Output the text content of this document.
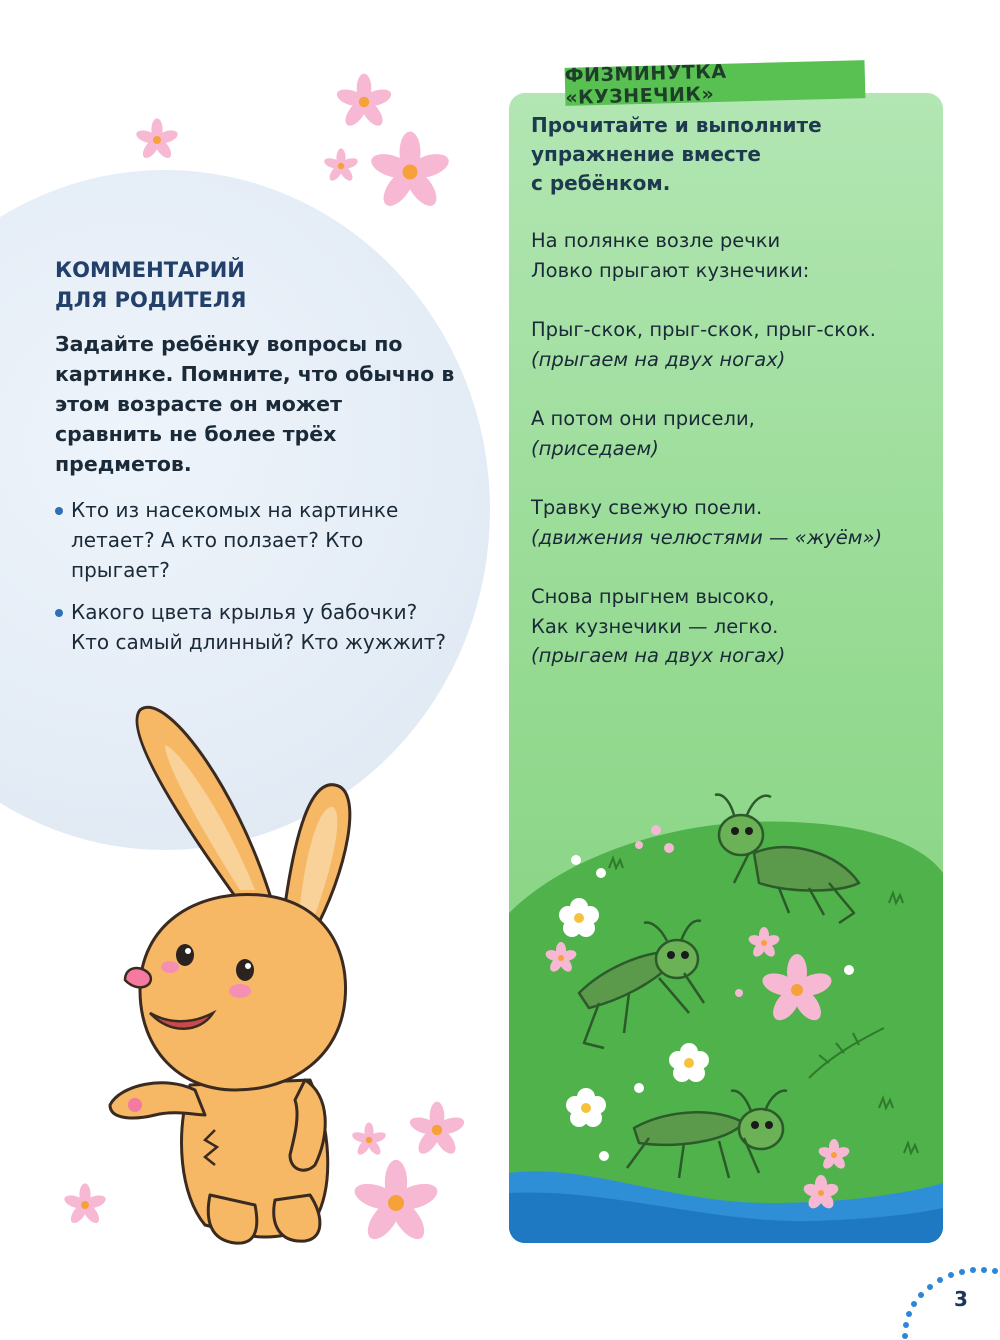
КОММЕНТАРИЙ
ДЛЯ РОДИТЕЛЯ
Задайте ребёнку вопросы по картинке. Помните, что обычно в этом возрасте он может сравнить не более трёх предметов.
Кто из насекомых на картинке летает? А кто ползает? Кто прыгает?
Какого цвета крылья у бабочки? Кто самый длинный? Кто жужжит?
Прочитайте и выполните
упражнение вместе
с ребёнком.
На полянке возле речки
Ловко прыгают кузнечики:
Прыг-скок, прыг-скок, прыг-скок.
(прыгаем на двух ногах)
А потом они присели,
(приседаем)
Травку свежую поели.
(движения челюстями — «жуём»)
Снова прыгнем высоко,
Как кузнечики — легко.
(прыгаем на двух ногах)
ФИЗМИНУТКА «КУЗНЕЧИК»
3
